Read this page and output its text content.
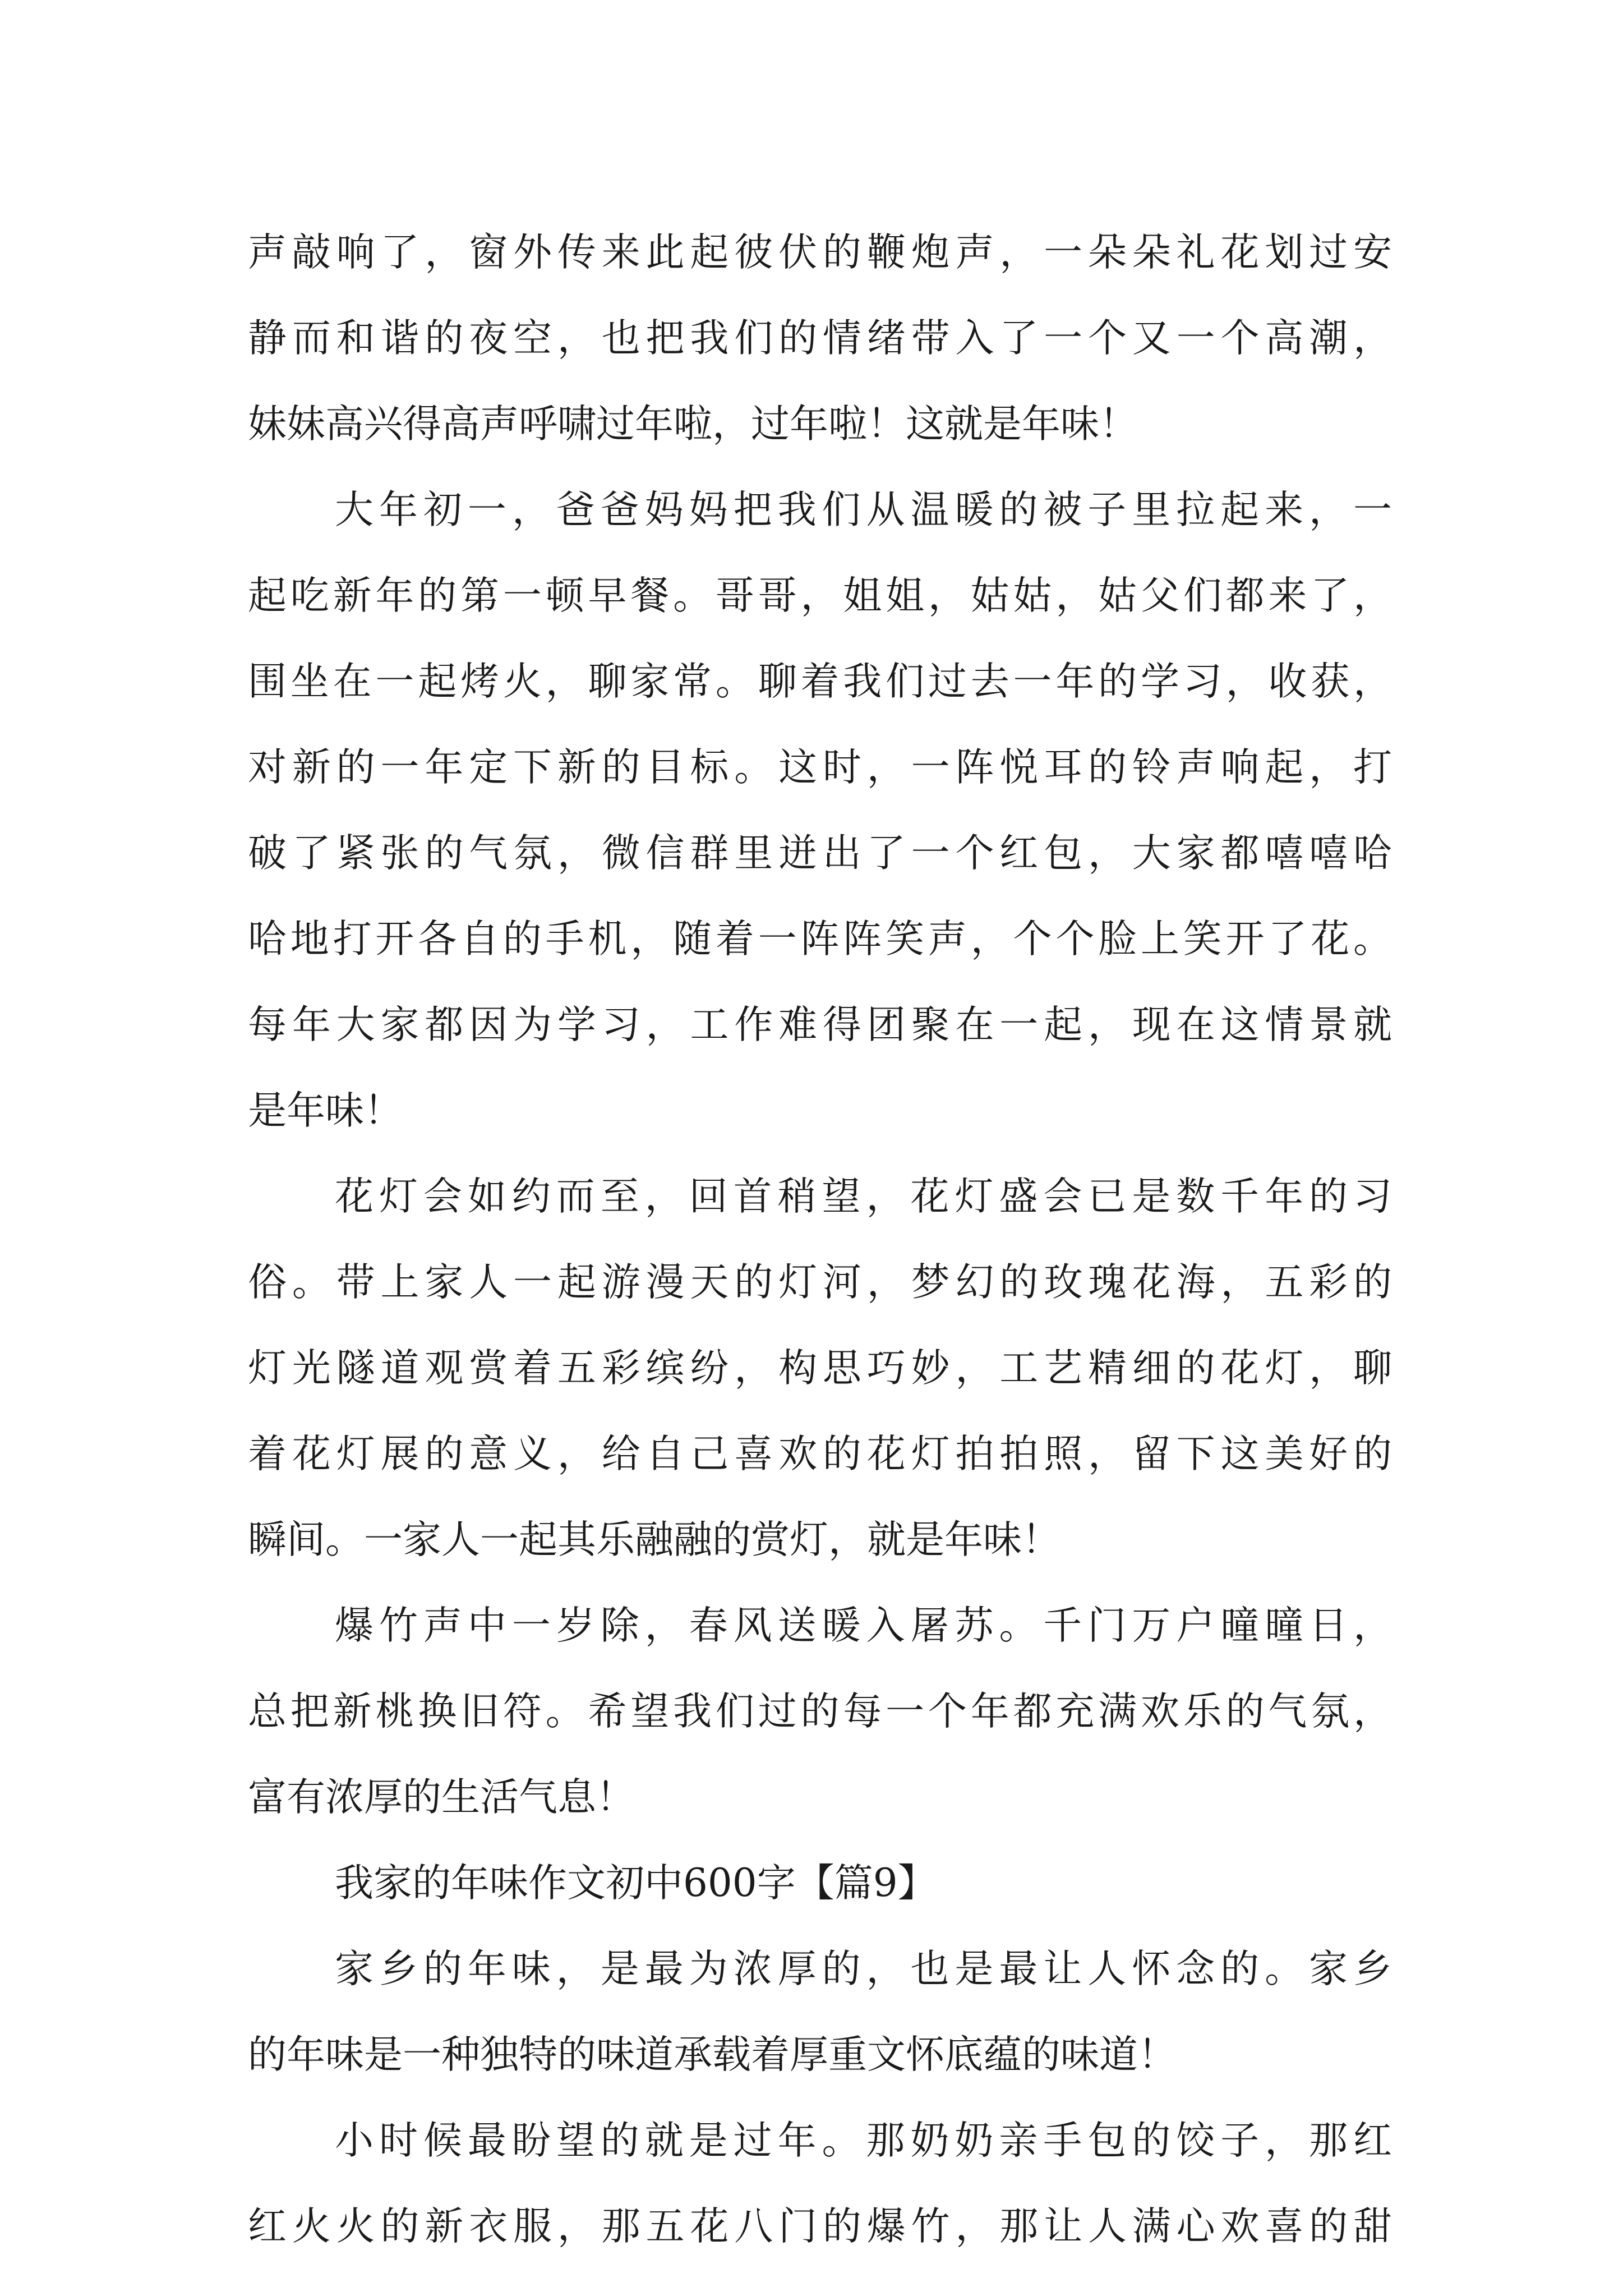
声敲响了，窗外传来此起彼伏的鞭炮声，一朵朵礼花划过安
静而和谐的夜空，也把我们的情绪带入了一个又一个高潮，
妹妹高兴得高声呼啸过年啦，过年啦！这就是年味！
大年初一，爸爸妈妈把我们从温暖的被子里拉起来，一
起吃新年的第一顿早餐。哥哥，姐姐，姑姑，姑父们都来了，
围坐在一起烤火，聊家常。聊着我们过去一年的学习，收获，
对新的一年定下新的目标。这时，一阵悦耳的铃声响起，打
破了紧张的气氛，微信群里迸出了一个红包，大家都嘻嘻哈
哈地打开各自的手机，随着一阵阵笑声，个个脸上笑开了花。
每年大家都因为学习，工作难得团聚在一起，现在这情景就
是年味！
花灯会如约而至，回首稍望，花灯盛会已是数千年的习
俗。带上家人一起游漫天的灯河，梦幻的玫瑰花海，五彩的
灯光隧道观赏着五彩缤纷，构思巧妙，工艺精细的花灯，聊
着花灯展的意义，给自己喜欢的花灯拍拍照，留下这美好的
瞬间。一家人一起其乐融融的赏灯，就是年味！
爆竹声中一岁除，春风送暖入屠苏。千门万户曈曈日，
总把新桃换旧符。希望我们过的每一个年都充满欢乐的气氛，
富有浓厚的生活气息！
我家的年味作文初中600字【篇9】
家乡的年味，是最为浓厚的，也是最让人怀念的。家乡
的年味是一种独特的味道承载着厚重文怀底蕴的味道！
小时候最盼望的就是过年。那奶奶亲手包的饺子，那红
红火火的新衣服，那五花八门的爆竹，那让人满心欢喜的甜
